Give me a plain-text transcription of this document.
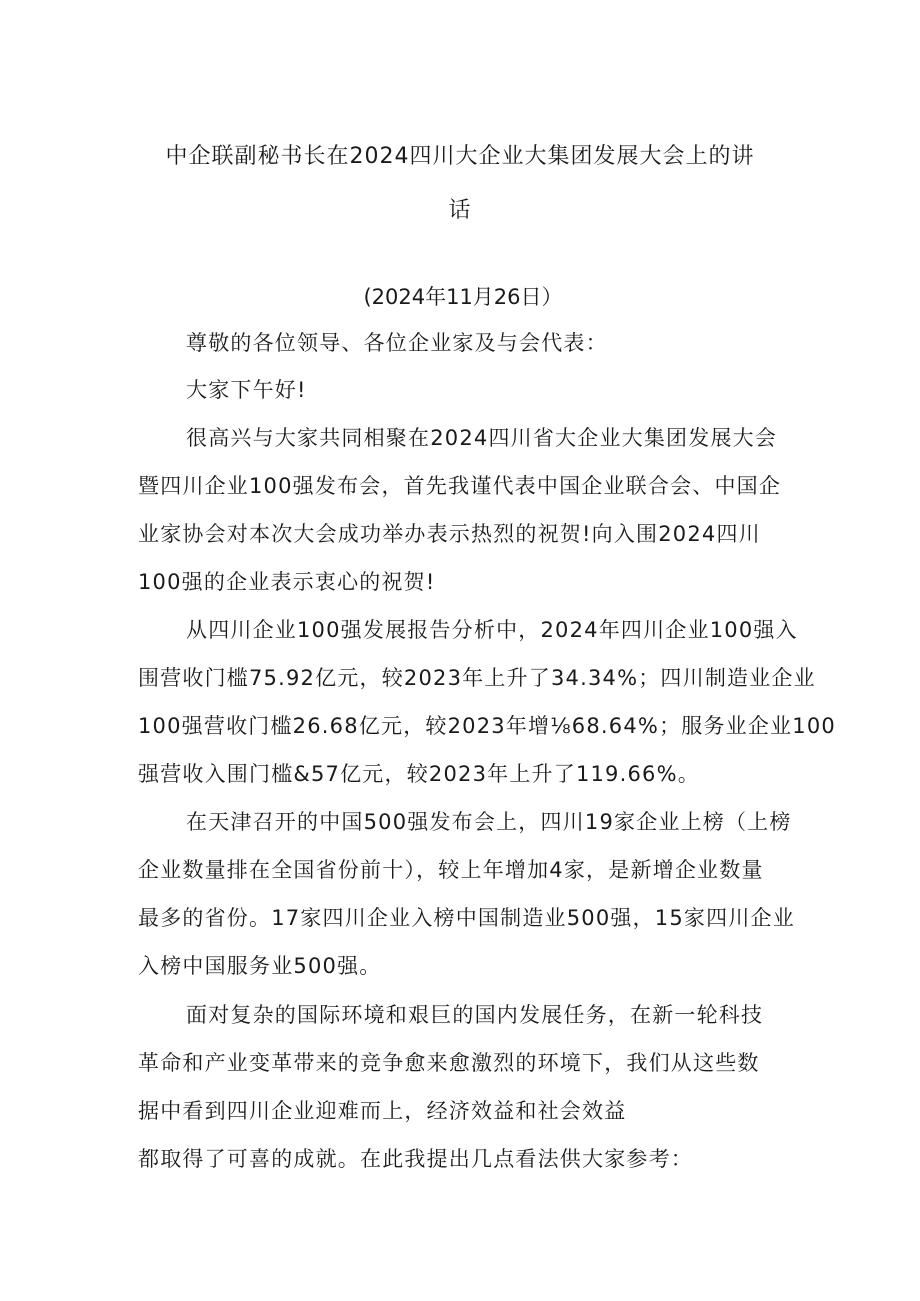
中企联副秘书长在2024四川大企业大集团发展大会上的讲
话
(2024年11月26日）
尊敬的各位领导、各位企业家及与会代表：
大家下午好!
很高兴与大家共同相聚在2024四川省大企业大集团发展大会
暨四川企业100强发布会，首先我谨代表中国企业联合会、中国企
业家协会对本次大会成功举办表示热烈的祝贺!向入围2024四川
100强的企业表示衷心的祝贺!
从四川企业100强发展报告分析中，2024年四川企业100强入
围营收门槛75.92亿元，较2023年上升了34.34%；四川制造业企业
100强营收门槛26.68亿元，较2023年增⅛68.64%；服务业企业100
强营收入围门槛&57亿元，较2023年上升了119.66%。
在天津召开的中国500强发布会上，四川19家企业上榜（上榜
企业数量排在全国省份前十），较上年增加4家，是新增企业数量
最多的省份。17家四川企业入榜中国制造业500强，15家四川企业
入榜中国服务业500强。
面对复杂的国际环境和艰巨的国内发展任务，在新一轮科技
革命和产业变革带来的竞争愈来愈激烈的环境下，我们从这些数
据中看到四川企业迎难而上，经济效益和社会效益
都取得了可喜的成就。在此我提出几点看法供大家参考：
